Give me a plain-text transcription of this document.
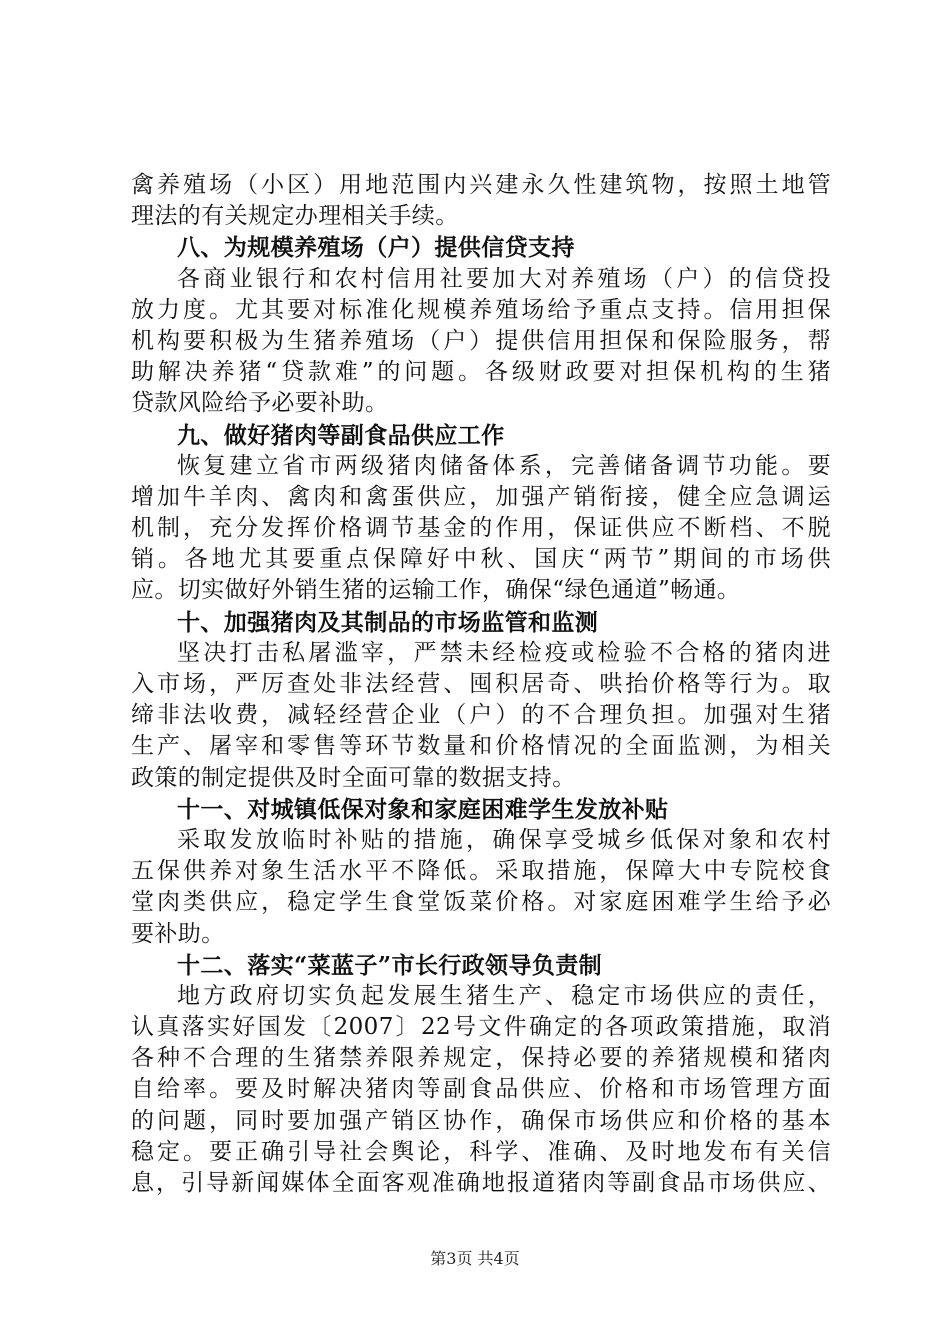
禽养殖场（小区）用地范围内兴建永久性建筑物，按照土地管
理法的有关规定办理相关手续。
八、为规模养殖场（户）提供信贷支持
各商业银行和农村信用社要加大对养殖场（户）的信贷投
放力度。尤其要对标准化规模养殖场给予重点支持。信用担保
机构要积极为生猪养殖场（户）提供信用担保和保险服务，帮
助解决养猪“贷款难”的问题。各级财政要对担保机构的生猪
贷款风险给予必要补助。
九、做好猪肉等副食品供应工作
恢复建立省市两级猪肉储备体系，完善储备调节功能。要
增加牛羊肉、禽肉和禽蛋供应，加强产销衔接，健全应急调运
机制，充分发挥价格调节基金的作用，保证供应不断档、不脱
销。各地尤其要重点保障好中秋、国庆“两节”期间的市场供
应。切实做好外销生猪的运输工作，确保“绿色通道”畅通。
十、加强猪肉及其制品的市场监管和监测
坚决打击私屠滥宰，严禁未经检疫或检验不合格的猪肉进
入市场，严厉查处非法经营、囤积居奇、哄抬价格等行为。取
缔非法收费，减轻经营企业（户）的不合理负担。加强对生猪
生产、屠宰和零售等环节数量和价格情况的全面监测，为相关
政策的制定提供及时全面可靠的数据支持。
十一、对城镇低保对象和家庭困难学生发放补贴
采取发放临时补贴的措施，确保享受城乡低保对象和农村
五保供养对象生活水平不降低。采取措施，保障大中专院校食
堂肉类供应，稳定学生食堂饭菜价格。对家庭困难学生给予必
要补助。
十二、落实“菜蓝子”市长行政领导负责制
地方政府切实负起发展生猪生产、稳定市场供应的责任，
认真落实好国发〔2007〕22号文件确定的各项政策措施，取消
各种不合理的生猪禁养限养规定，保持必要的养猪规模和猪肉
自给率。要及时解决猪肉等副食品供应、价格和市场管理方面
的问题，同时要加强产销区协作，确保市场供应和价格的基本
稳定。要正确引导社会舆论，科学、准确、及时地发布有关信
息，引导新闻媒体全面客观准确地报道猪肉等副食品市场供应、
第3页 共4页
